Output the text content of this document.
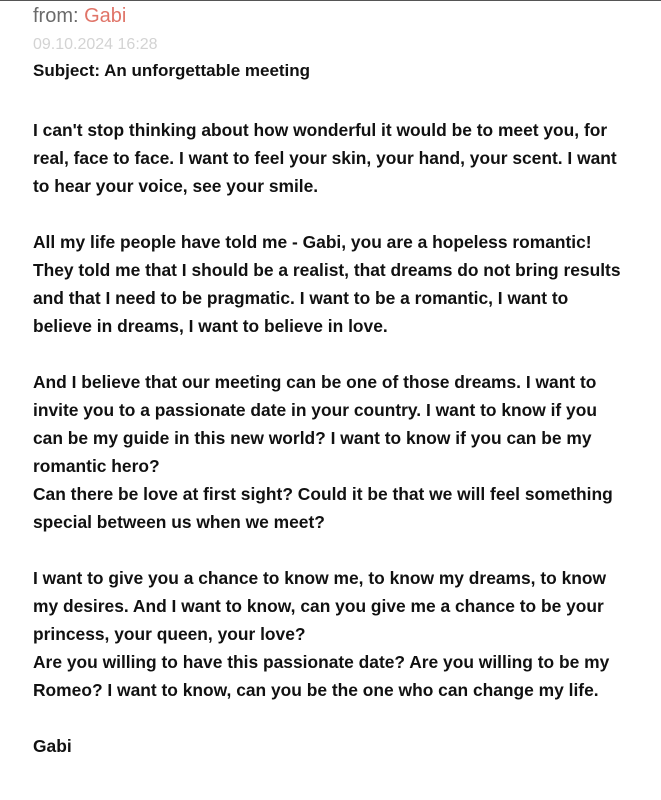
from: Gabi
09.10.2024 16:28
Subject: An unforgettable meeting

I can't stop thinking about how wonderful it would be to meet you, for
real, face to face. I want to feel your skin, your hand, your scent. I want
to hear your voice, see your smile.

All my life people have told me - Gabi, you are a hopeless romantic!
They told me that I should be a realist, that dreams do not bring results
and that I need to be pragmatic. I want to be a romantic, I want to
believe in dreams, I want to believe in love.

And I believe that our meeting can be one of those dreams. I want to
invite you to a passionate date in your country. I want to know if you
can be my guide in this new world? I want to know if you can be my
romantic hero?

Can there be love at first sight? Could it be that we will feel something
special between us when we meet?

I want to give you a chance to know me, to know my dreams, to know
my desires. And I want to know, can you give me a chance to be your
princess, your queen, your love?

Are you willing to have this passionate date? Are you willing to be my
Romeo? I want to know, can you be the one who can change my life.

Gabi
